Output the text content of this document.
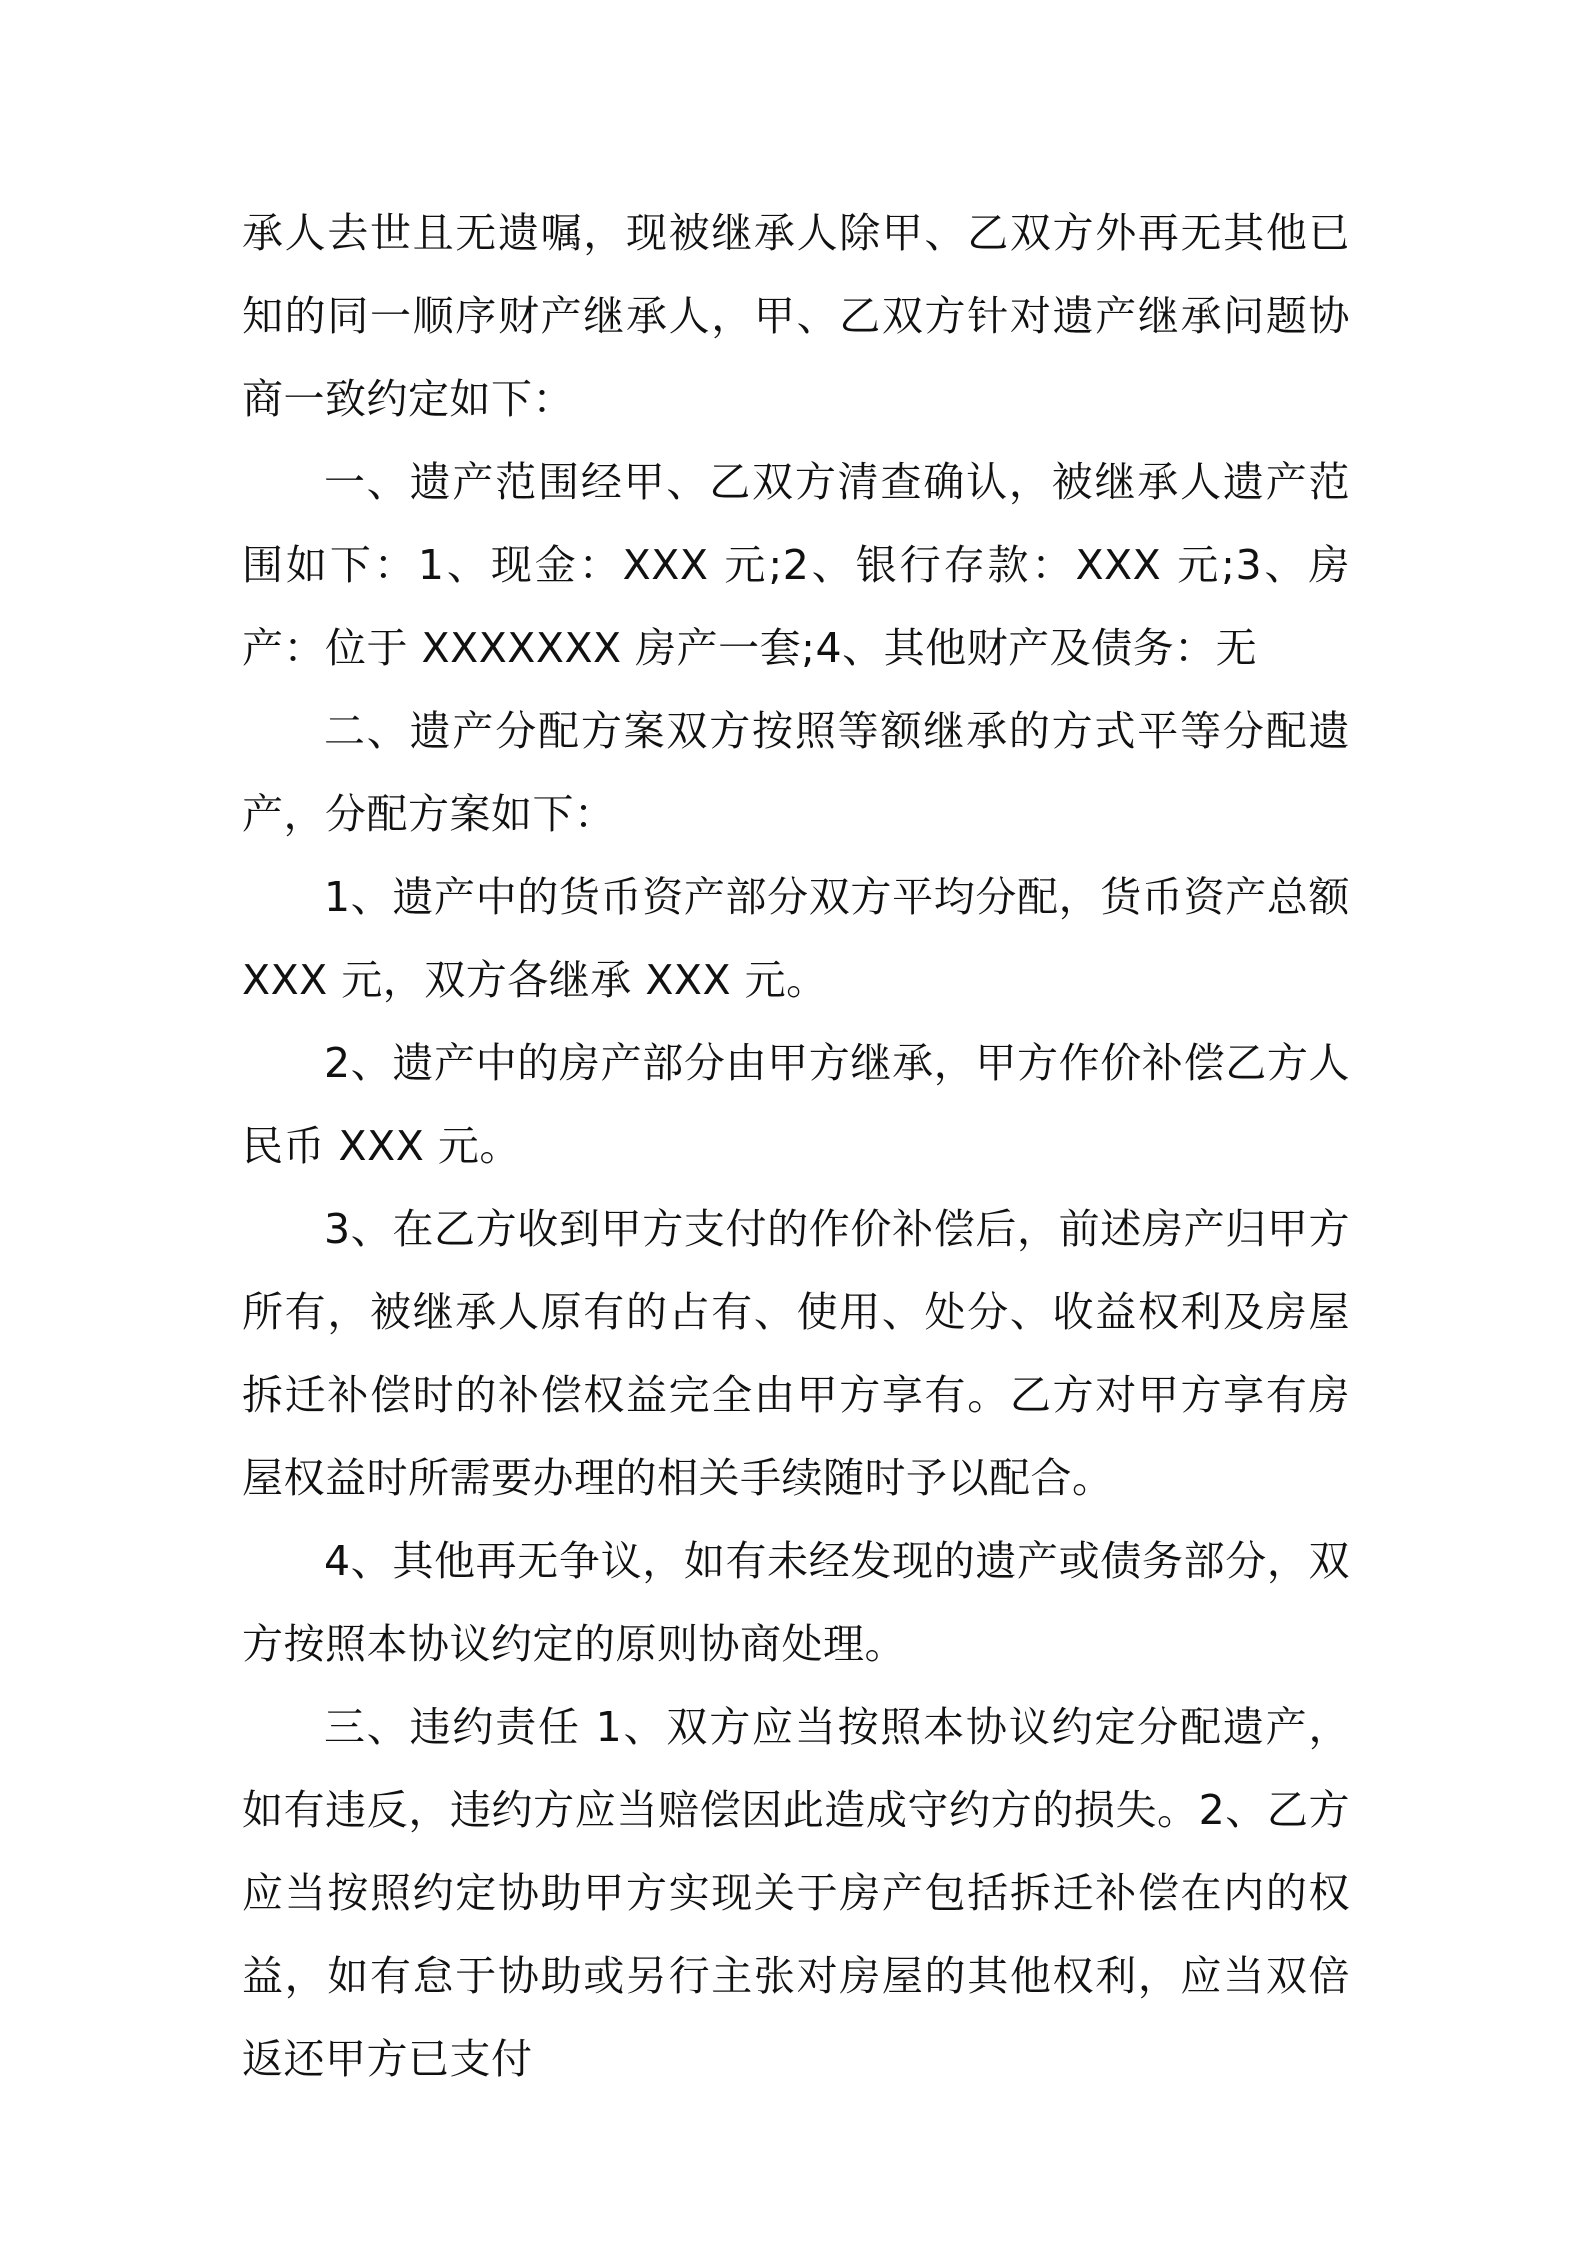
承人去世且无遗嘱，现被继承人除甲、乙双方外再无其他已知的同一顺序财产继承人，甲、乙双方针对遗产继承问题协商一致约定如下：

一、遗产范围经甲、乙双方清查确认，被继承人遗产范围如下：1、现金：XXX 元;2、银行存款：XXX 元;3、房产：位于 XXXXXXX 房产一套;4、其他财产及债务：无

二、遗产分配方案双方按照等额继承的方式平等分配遗产，分配方案如下：

1、遗产中的货币资产部分双方平均分配，货币资产总额 XXX 元，双方各继承 XXX 元。

2、遗产中的房产部分由甲方继承，甲方作价补偿乙方人民币 XXX 元。

3、在乙方收到甲方支付的作价补偿后，前述房产归甲方所有，被继承人原有的占有、使用、处分、收益权利及房屋拆迁补偿时的补偿权益完全由甲方享有。乙方对甲方享有房屋权益时所需要办理的相关手续随时予以配合。

4、其他再无争议，如有未经发现的遗产或债务部分，双方按照本协议约定的原则协商处理。

三、违约责任 1、双方应当按照本协议约定分配遗产，如有违反，违约方应当赔偿因此造成守约方的损失。2、乙方应当按照约定协助甲方实现关于房产包括拆迁补偿在内的权益，如有怠于协助或另行主张对房屋的其他权利，应当双倍返还甲方已支付
